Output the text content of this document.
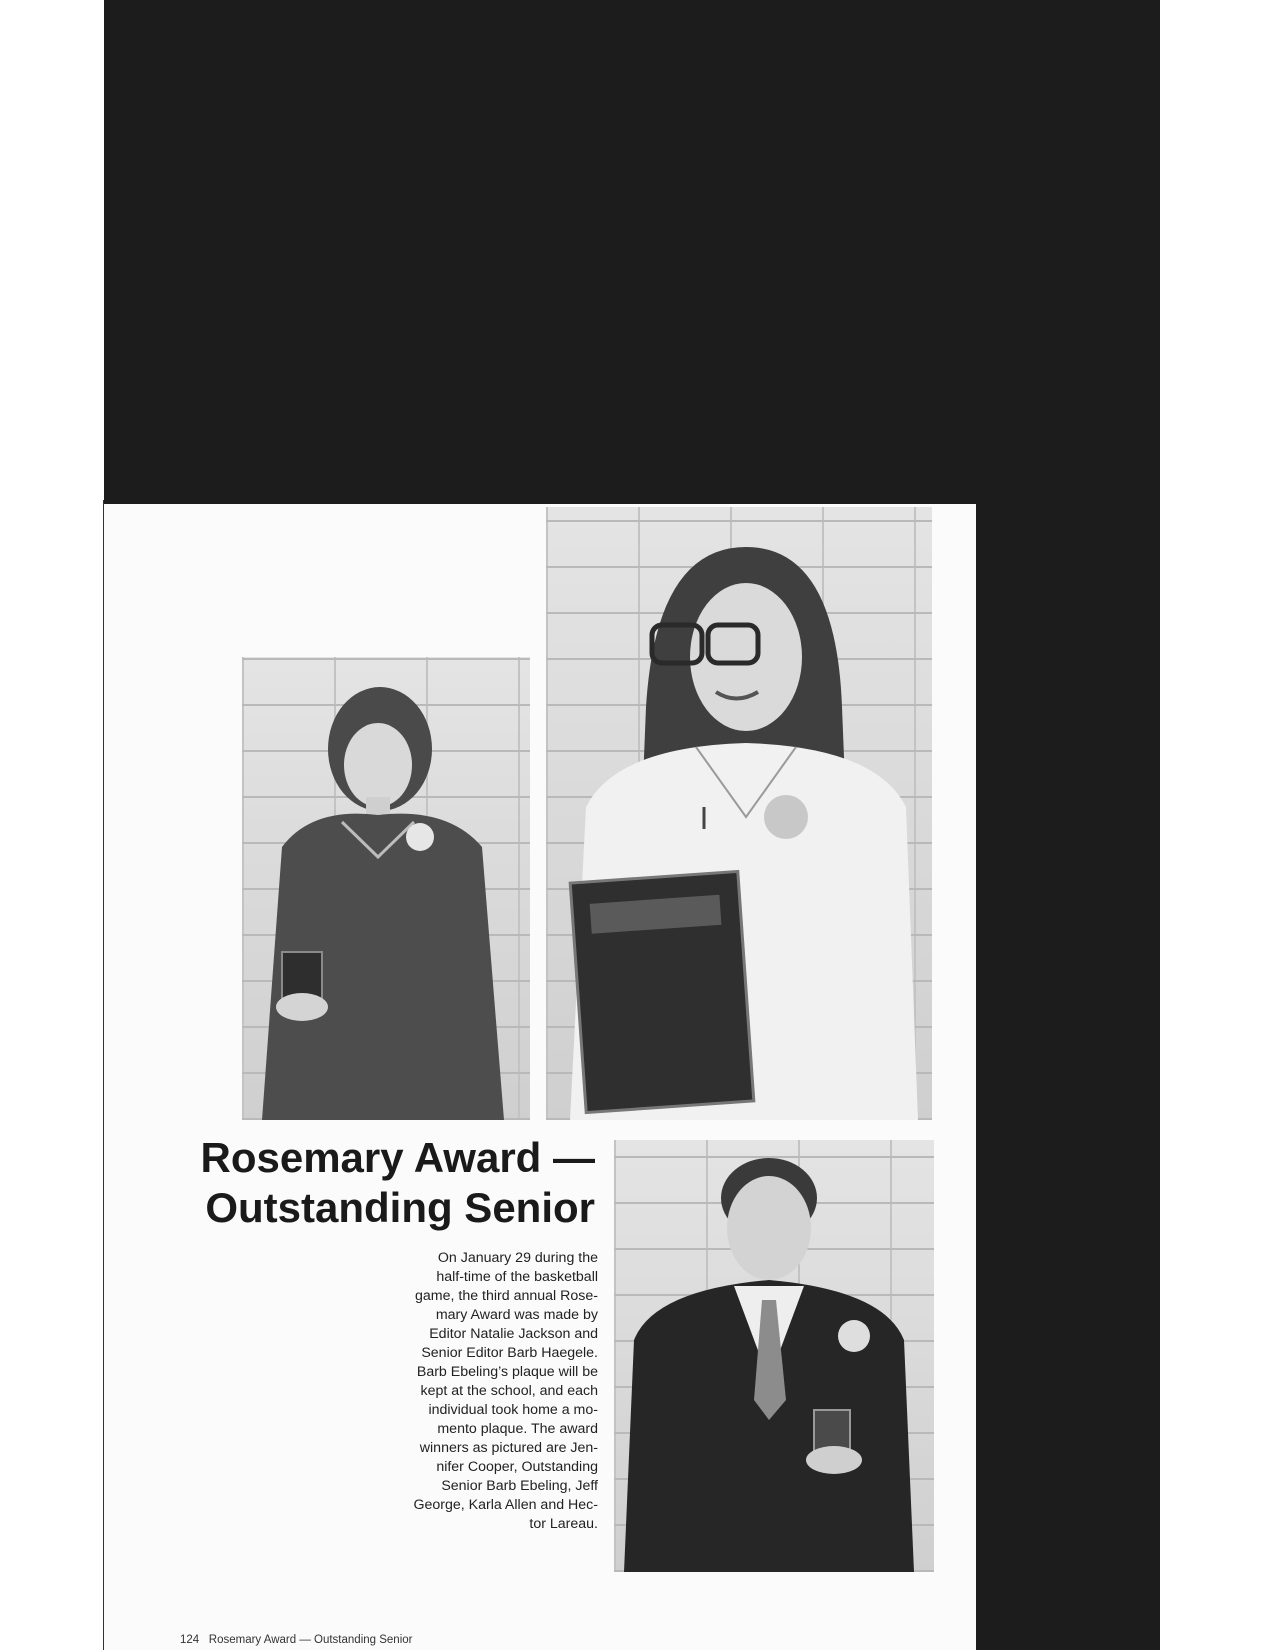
Rosemary Award —
Outstanding Senior
On January 29 during the
half-time of the basketball
game, the third annual Rose-
mary Award was made by
Editor Natalie Jackson and
Senior Editor Barb Haegele.
Barb Ebeling’s plaque will be
kept at the school, and each
individual took home a mo-
mento plaque. The award
winners as pictured are Jen-
nifer Cooper, Outstanding
Senior Barb Ebeling, Jeff
George, Karla Allen and Hec-
tor Lareau.
124 Rosemary Award — Outstanding Senior
